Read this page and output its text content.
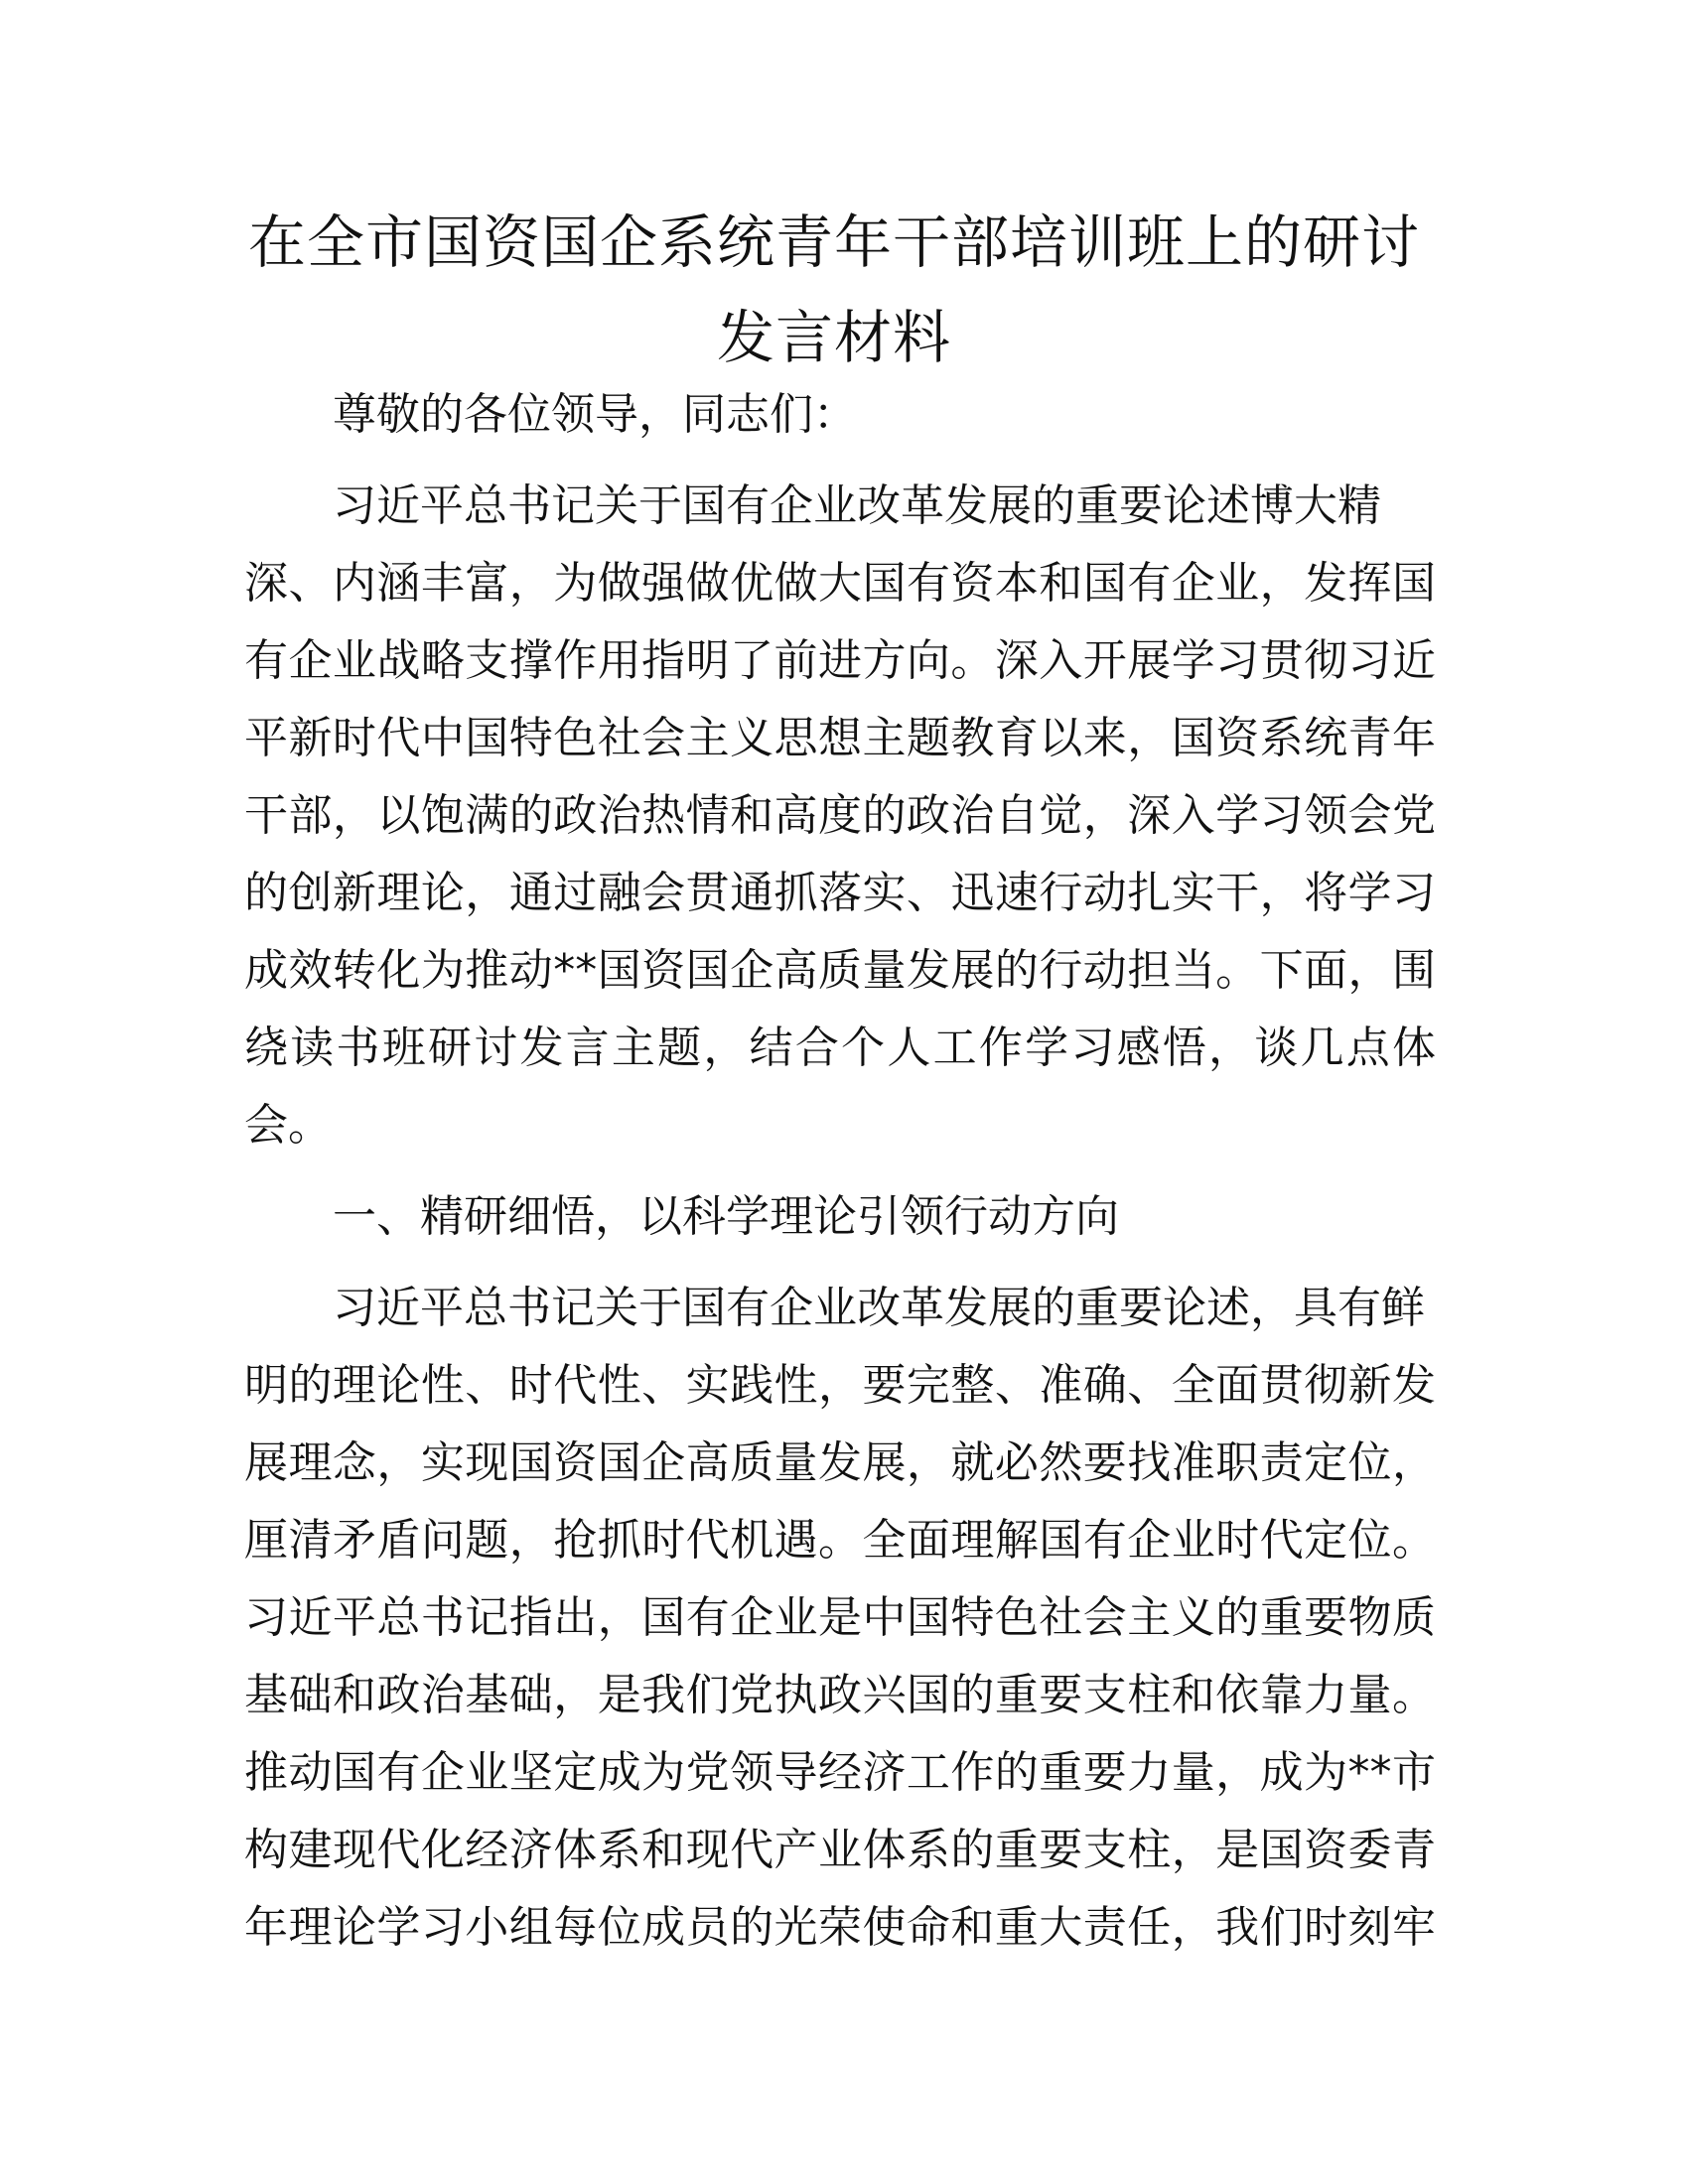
在全市国资国企系统青年干部培训班上的研讨
发言材料

尊敬的各位领导，同志们：

习近平总书记关于国有企业改革发展的重要论述博大精

深、内涵丰富，为做强做优做大国有资本和国有企业，发挥国

有企业战略支撑作用指明了前进方向。深入开展学习贯彻习近

平新时代中国特色社会主义思想主题教育以来，国资系统青年

干部，以饱满的政治热情和高度的政治自觉，深入学习领会党

的创新理论，通过融会贯通抓落实、迅速行动扎实干，将学习

成效转化为推动**国资国企高质量发展的行动担当。下面，围

绕读书班研讨发言主题，结合个人工作学习感悟，谈几点体

会。

一、精研细悟，以科学理论引领行动方向

习近平总书记关于国有企业改革发展的重要论述，具有鲜

明的理论性、时代性、实践性，要完整、准确、全面贯彻新发

展理念，实现国资国企高质量发展，就必然要找准职责定位，

厘清矛盾问题，抢抓时代机遇。全面理解国有企业时代定位。

习近平总书记指出，国有企业是中国特色社会主义的重要物质

基础和政治基础，是我们党执政兴国的重要支柱和依靠力量。

推动国有企业坚定成为党领导经济工作的重要力量，成为**市

构建现代化经济体系和现代产业体系的重要支柱，是国资委青

年理论学习小组每位成员的光荣使命和重大责任，我们时刻牢
